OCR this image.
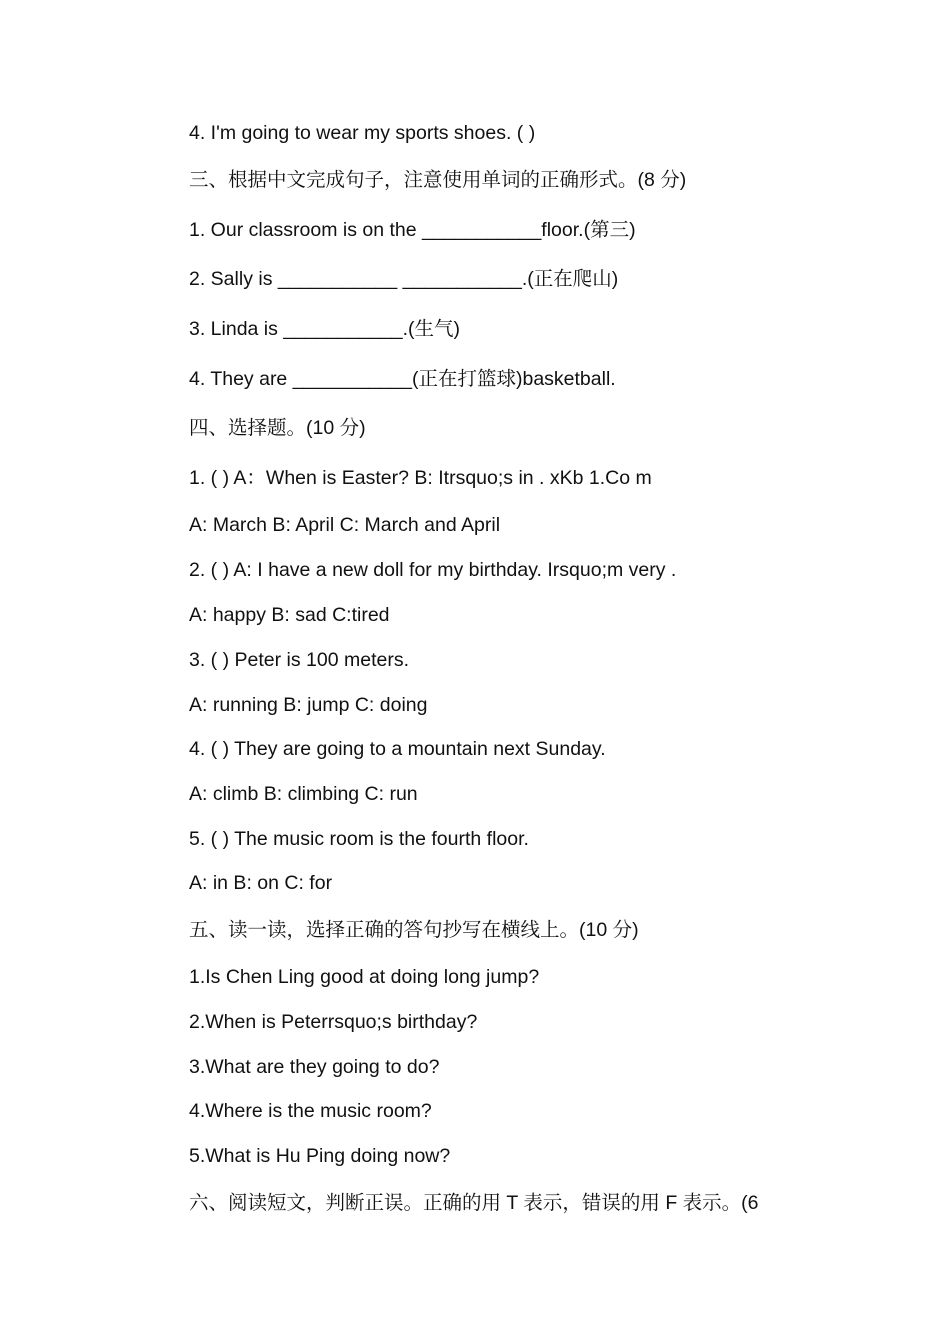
4. I'm going to wear my sports shoes. ( )

三、根据中文完成句子，注意使用单词的正确形式。(8 分)

1. Our classroom is on the ___________floor.(第三)

2. Sally is ___________ ___________.(正在爬山)

3. Linda is ___________.(生气)

4. They are ___________(正在打篮球)basketball.

四、选择题。(10 分)

1. ( ) A：When is Easter? B: Itrsquo;s in . xKb 1.Co m

A: March B: April C: March and April

2. ( ) A: I have a new doll for my birthday. Irsquo;m very .

A: happy B: sad C:tired

3. ( ) Peter is 100 meters.

A: running B: jump C: doing

4. ( ) They are going to a mountain next Sunday.

A: climb B: climbing C: run

5. ( ) The music room is the fourth floor.

A: in B: on C: for

五、读一读，选择正确的答句抄写在横线上。(10 分)

1.Is Chen Ling good at doing long jump?

2.When is Peterrsquo;s birthday?

3.What are they going to do?

4.Where is the music room?

5.What is Hu Ping doing now?

六、阅读短文，判断正误。正确的用 T 表示，错误的用 F 表示。(6
